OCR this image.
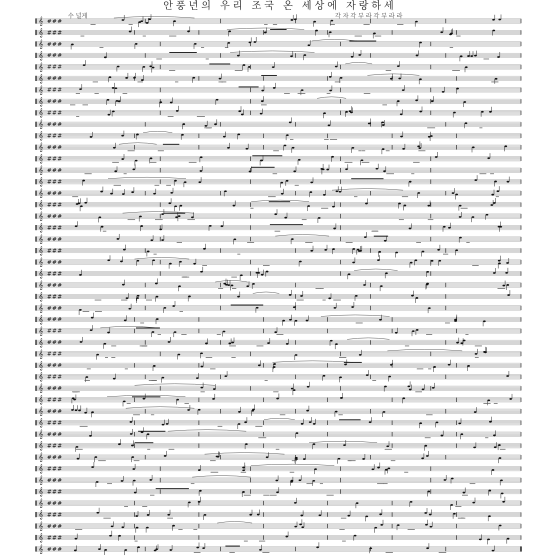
안풍년의 우리 조국 온 세상에 자랑하세
수 널게	각 자 각 부 라 각 부 라 라
𝄞 # # #
𝄞 # # #
𝄞 # # #
𝄞 # # #
𝄞 # # #
𝄞 # # #
𝄞 # # #
𝄞 # # #
𝄞 # # #
𝄞 # # #
𝄞 # # #
𝄞 # # #
𝄞 # # #
𝄞 # # #
𝄞 # # #
𝄞 # # #
𝄞 # # #
𝄞 # # #
𝄞 # # #
𝄞 # # #
𝄞 # # #
𝄞 # # #
𝄞 # # #
𝄞 # # #
𝄞 # # #
𝄞 # # #
𝄞 # # #
𝄞 # # #
𝄞 # # #
𝄞 # # #
𝄞 # # #
𝄞 # # #
𝄞 # # #
𝄞 # # #
𝄞 # # #
𝄞 # # #
𝄞 # # #
𝄞 # # #
𝄞 # # #
𝄞 # # #
𝄞 # # #
𝄞 # # #
𝄞 # # #
𝄞 # # #
𝄞 # # #
𝄞 # # #
𝄞 # # #
